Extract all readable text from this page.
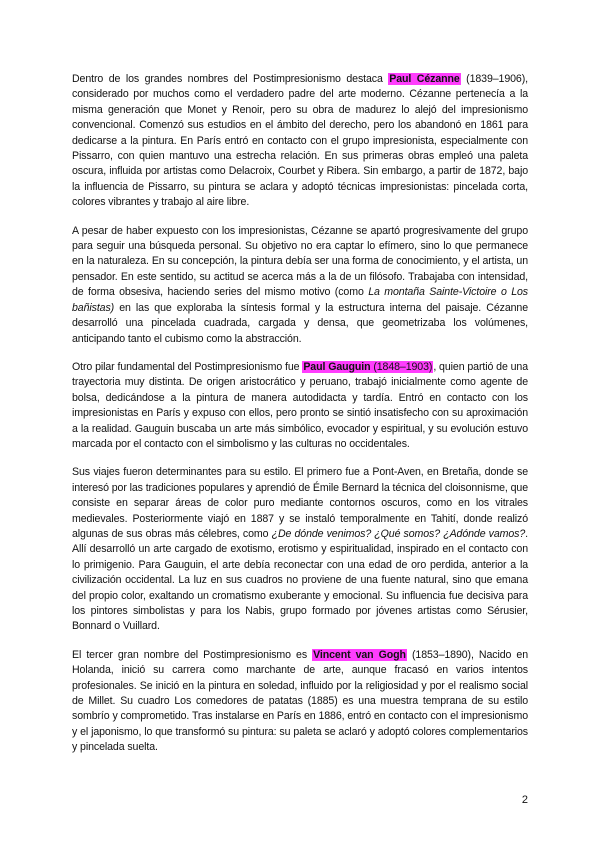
Dentro de los grandes nombres del Postimpresionismo destaca Paul Cézanne (1839–1906), considerado por muchos como el verdadero padre del arte moderno. Cézanne pertenecía a la misma generación que Monet y Renoir, pero su obra de madurez lo alejó del impresionismo convencional. Comenzó sus estudios en el ámbito del derecho, pero los abandonó en 1861 para dedicarse a la pintura. En París entró en contacto con el grupo impresionista, especialmente con Pissarro, con quien mantuvo una estrecha relación. En sus primeras obras empleó una paleta oscura, influida por artistas como Delacroix, Courbet y Ribera. Sin embargo, a partir de 1872, bajo la influencia de Pissarro, su pintura se aclara y adoptó técnicas impresionistas: pincelada corta, colores vibrantes y trabajo al aire libre.

A pesar de haber expuesto con los impresionistas, Cézanne se apartó progresivamente del grupo para seguir una búsqueda personal. Su objetivo no era captar lo efímero, sino lo que permanece en la naturaleza. En su concepción, la pintura debía ser una forma de conocimiento, y el artista, un pensador. En este sentido, su actitud se acerca más a la de un filósofo. Trabajaba con intensidad, de forma obsesiva, haciendo series del mismo motivo (como La montaña Sainte-Victoire o Los bañistas) en las que exploraba la síntesis formal y la estructura interna del paisaje. Cézanne desarrolló una pincelada cuadrada, cargada y densa, que geometrizaba los volúmenes, anticipando tanto el cubismo como la abstracción.

Otro pilar fundamental del Postimpresionismo fue Paul Gauguin (1848–1903), quien partió de una trayectoria muy distinta. De origen aristocrático y peruano, trabajó inicialmente como agente de bolsa, dedicándose a la pintura de manera autodidacta y tardía. Entró en contacto con los impresionistas en París y expuso con ellos, pero pronto se sintió insatisfecho con su aproximación a la realidad. Gauguin buscaba un arte más simbólico, evocador y espiritual, y su evolución estuvo marcada por el contacto con el simbolismo y las culturas no occidentales.

Sus viajes fueron determinantes para su estilo. El primero fue a Pont-Aven, en Bretaña, donde se interesó por las tradiciones populares y aprendió de Émile Bernard la técnica del cloisonnisme, que consiste en separar áreas de color puro mediante contornos oscuros, como en los vitrales medievales. Posteriormente viajó en 1887 y se instaló temporalmente en Tahití, donde realizó algunas de sus obras más célebres, como ¿De dónde venimos? ¿Qué somos? ¿Adónde vamos?. Allí desarrolló un arte cargado de exotismo, erotismo y espiritualidad, inspirado en el contacto con lo primigenio. Para Gauguin, el arte debía reconectar con una edad de oro perdida, anterior a la civilización occidental. La luz en sus cuadros no proviene de una fuente natural, sino que emana del propio color, exaltando un cromatismo exuberante y emocional. Su influencia fue decisiva para los pintores simbolistas y para los Nabis, grupo formado por jóvenes artistas como Sérusier, Bonnard o Vuillard.

El tercer gran nombre del Postimpresionismo es Vincent van Gogh (1853–1890), Nacido en Holanda, inició su carrera como marchante de arte, aunque fracasó en varios intentos profesionales. Se inició en la pintura en soledad, influido por la religiosidad y por el realismo social de Millet. Su cuadro Los comedores de patatas (1885) es una muestra temprana de su estilo sombrío y comprometido. Tras instalarse en París en 1886, entró en contacto con el impresionismo y el japonismo, lo que transformó su pintura: su paleta se aclaró y adoptó colores complementarios y pincelada suelta.

2
